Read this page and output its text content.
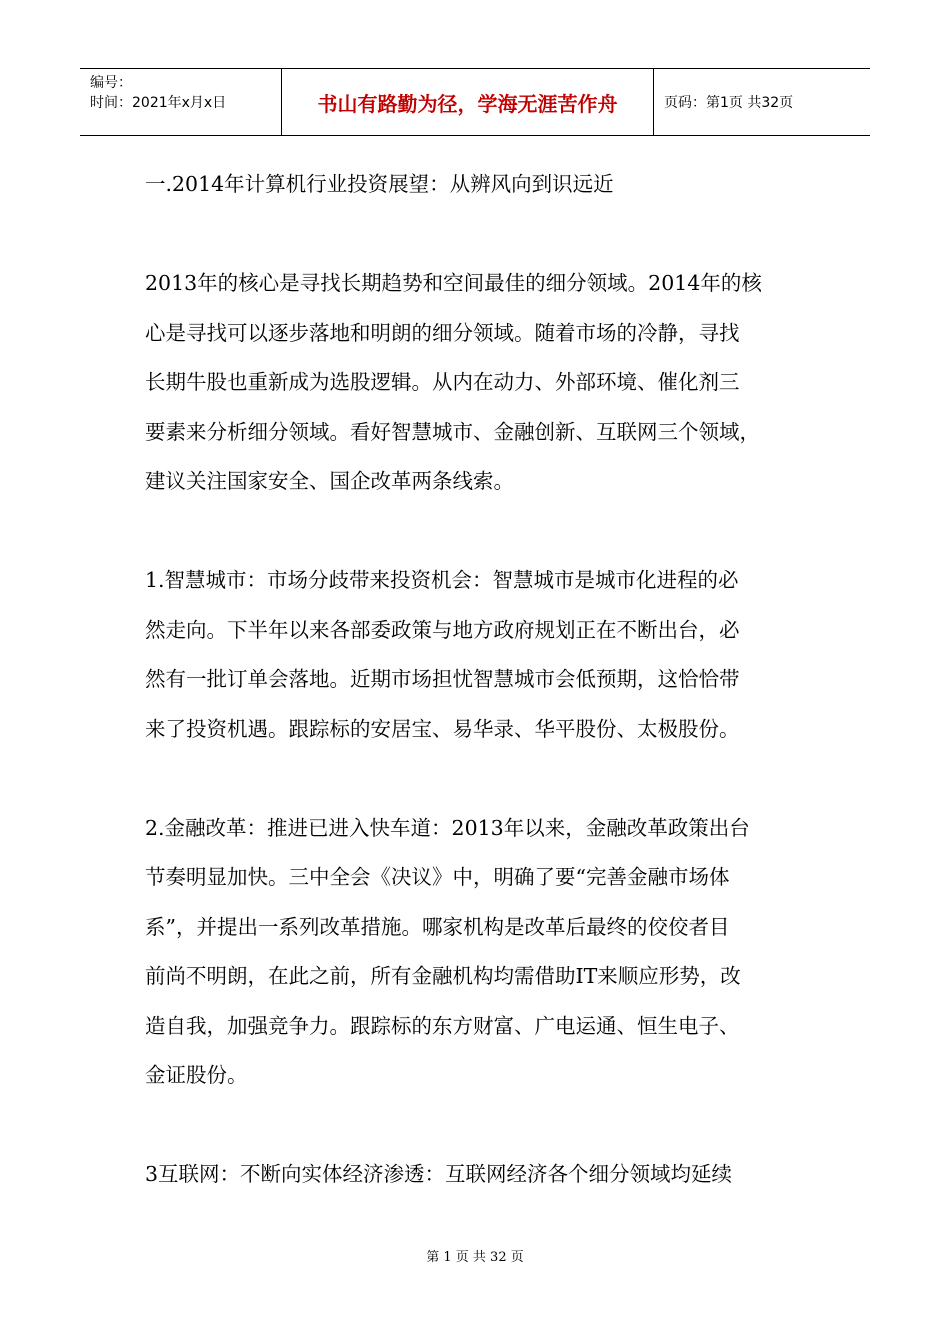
编号：
时间：2021年x月x日	书山有路勤为径，学海无涯苦作舟	页码：第1页 共32页

一.2014年计算机行业投资展望：从辨风向到识远近

2013年的核心是寻找长期趋势和空间最佳的细分领域。2014年的核

心是寻找可以逐步落地和明朗的细分领域。随着市场的冷静，寻找

长期牛股也重新成为选股逻辑。从内在动力、外部环境、催化剂三

要素来分析细分领域。看好智慧城市、金融创新、互联网三个领域，

建议关注国家安全、国企改革两条线索。

1.智慧城市：市场分歧带来投资机会：智慧城市是城市化进程的必

然走向。下半年以来各部委政策与地方政府规划正在不断出台，必

然有一批订单会落地。近期市场担忧智慧城市会低预期，这恰恰带

来了投资机遇。跟踪标的安居宝、易华录、华平股份、太极股份。

2.金融改革：推进已进入快车道：2013年以来，金融改革政策出台

节奏明显加快。三中全会《决议》中，明确了要“完善金融市场体

系”，并提出一系列改革措施。哪家机构是改革后最终的佼佼者目

前尚不明朗，在此之前，所有金融机构均需借助IT来顺应形势，改

造自我，加强竞争力。跟踪标的东方财富、广电运通、恒生电子、

金证股份。

3互联网：不断向实体经济渗透：互联网经济各个细分领域均延续

第 1 页 共 32 页
